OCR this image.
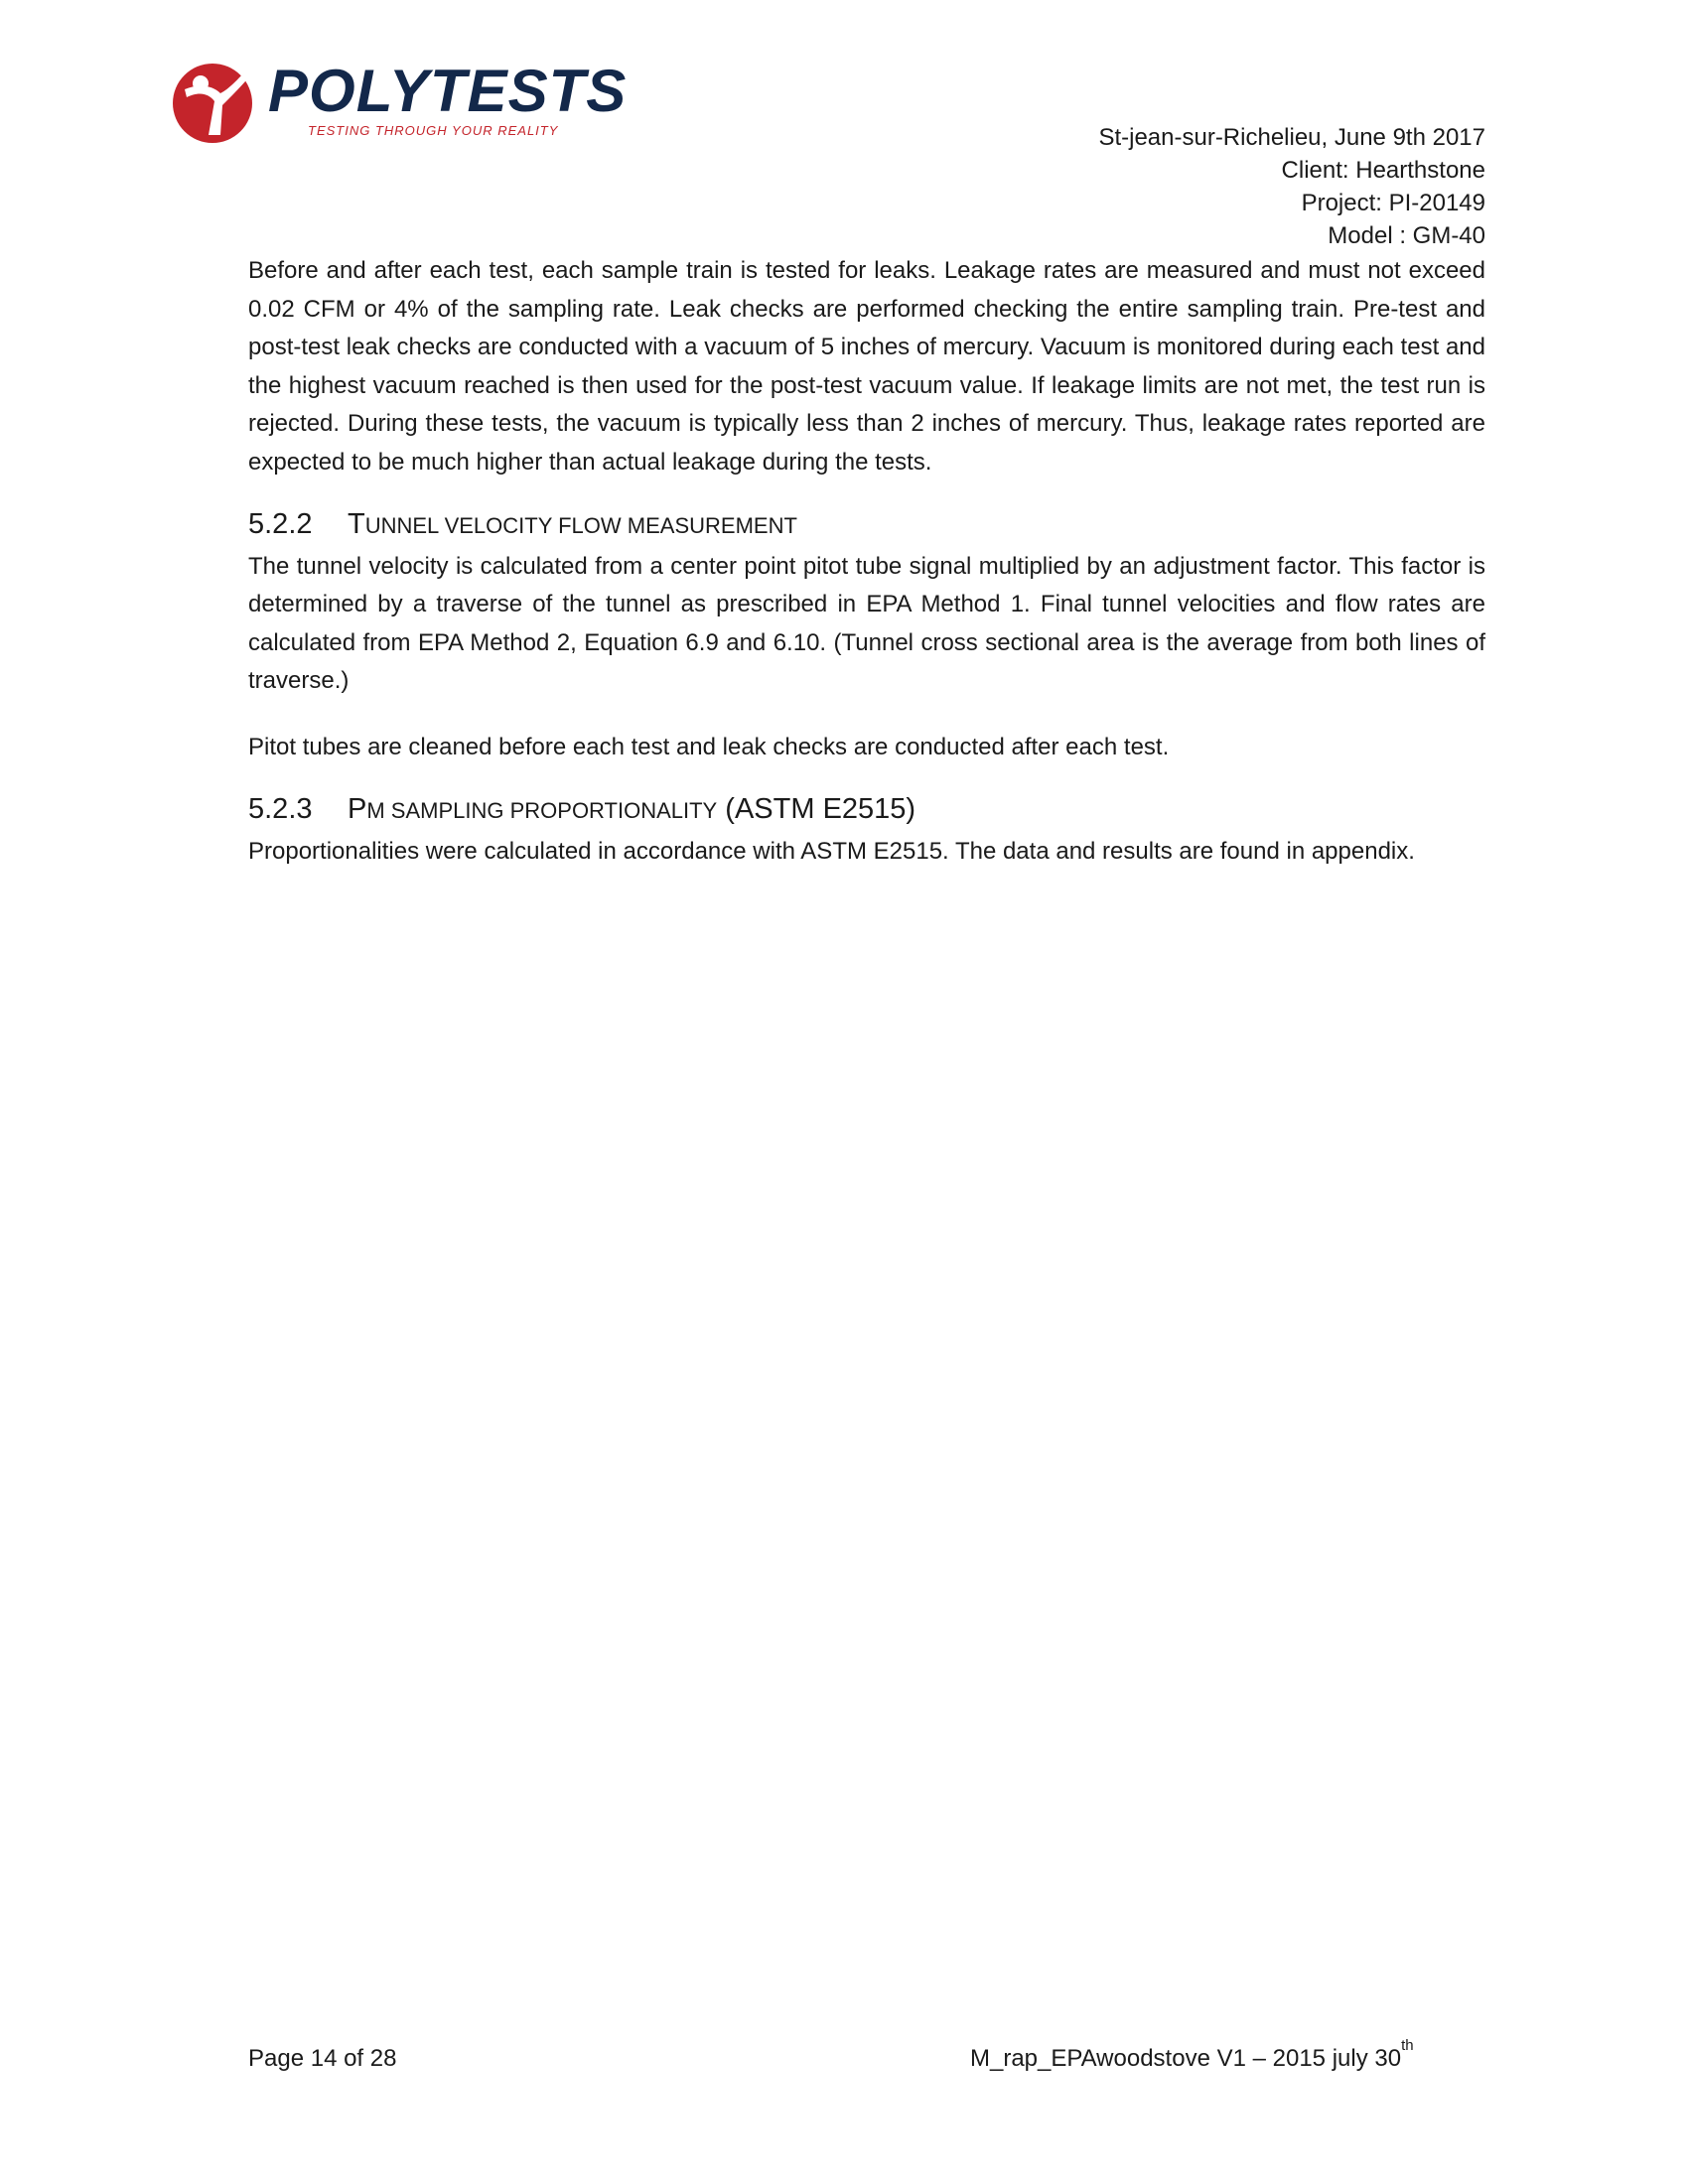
POLYTESTS
TESTING THROUGH YOUR REALITY	St-jean-sur-Richelieu, June 9th 2017
Client: Hearthstone
Project: PI-20149
Model : GM-40

Before and after each test, each sample train is tested for leaks. Leakage rates are measured and must not exceed 0.02 CFM or 4% of the sampling rate. Leak checks are performed checking the entire sampling train. Pre-test and post-test leak checks are conducted with a vacuum of 5 inches of mercury. Vacuum is monitored during each test and the highest vacuum reached is then used for the post-test vacuum value. If leakage limits are not met, the test run is rejected. During these tests, the vacuum is typically less than 2 inches of mercury. Thus, leakage rates reported are expected to be much higher than actual leakage during the tests.

5.2.2 TUNNEL VELOCITY FLOW MEASUREMENT

The tunnel velocity is calculated from a center point pitot tube signal multiplied by an adjustment factor. This factor is determined by a traverse of the tunnel as prescribed in EPA Method 1. Final tunnel velocities and flow rates are calculated from EPA Method 2, Equation 6.9 and 6.10. (Tunnel cross sectional area is the average from both lines of traverse.)

Pitot tubes are cleaned before each test and leak checks are conducted after each test.

5.2.3 PM SAMPLING PROPORTIONALITY (ASTM E2515)

Proportionalities were calculated in accordance with ASTM E2515. The data and results are found in appendix.

Page 14 of 28	M_rap_EPAwoodstove V1 – 2015 july 30th
